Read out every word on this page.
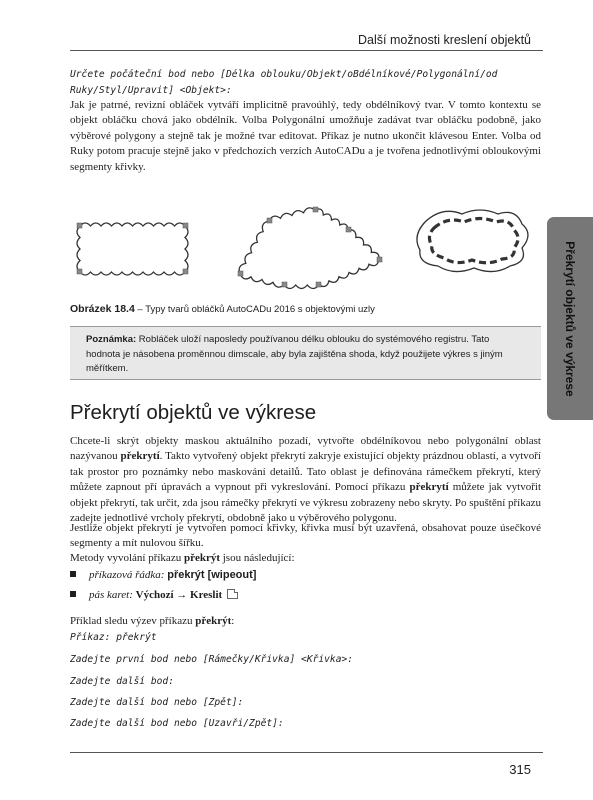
Další možnosti kreslení objektů
Určete počáteční bod nebo [Délka oblouku/Objekt/oBdélníkové/Polygonální/od Ruky/Styl/Upravit] <Objekt>:
Jak je patrné, revizní obláček vytváří implicitně pravoúhlý, tedy obdélníkový tvar. V tomto kontextu se objekt obláčku chová jako obdélník. Volba Polygonální umožňuje zadávat tvar obláčku podobně, jako výběrové polygony a stejně tak je možné tvar editovat. Příkaz je nutno ukončit klávesou Enter. Volba od Ruky potom pracuje stejně jako v předchozích verzích AutoCADu a je tvořena jednotlivými obloukovými segmenty křivky.
Obrázek 18.4 – Typy tvarů obláčků AutoCADu 2016 s objektovými uzly
Poznámka: Robláček uloží naposledy používanou délku oblouku do systémového registru. Tato hodnota je násobena proměnnou dimscale, aby byla zajištěna shoda, když použijete výkres s jiným měřítkem.
Překrytí objektů ve výkrese
Chcete-li skrýt objekty maskou aktuálního pozadí, vytvořte obdélníkovou nebo polygonální oblast nazývanou překrytí. Takto vytvořený objekt překrytí zakryje existující objekty prázdnou oblastí, a vytvoří tak prostor pro poznámky nebo maskování detailů. Tato oblast je definována rámečkem překrytí, který můžete zapnout pří úpravách a vypnout při vykreslování. Pomocí příkazu překrytí můžete jak vytvořit objekt překrytí, tak určit, zda jsou rámečky překrytí ve výkresu zobrazeny nebo skryty. Po spuštění příkazu zadejte jednotlivé vrcholy překrytí, obdobně jako u výběrového polygonu.
Jestliže objekt překrytí je vytvořen pomocí křivky, křivka musí být uzavřená, obsahovat pouze úsečkové segmenty a mít nulovou šířku.
Metody vyvolání příkazu překrýt jsou následující:
příkazová řádka: překrýt [wipeout]
pás karet: Výchozí → Kreslit
Příklad sledu výzev příkazu překrýt:
Příkaz: překrýt
Zadejte první bod nebo [Rámečky/Křivka] <Křivka>:
Zadejte další bod:
Zadejte další bod nebo [Zpět]:
Zadejte další bod nebo [Uzavři/Zpět]:
315
Překrytí objektů ve výkrese
